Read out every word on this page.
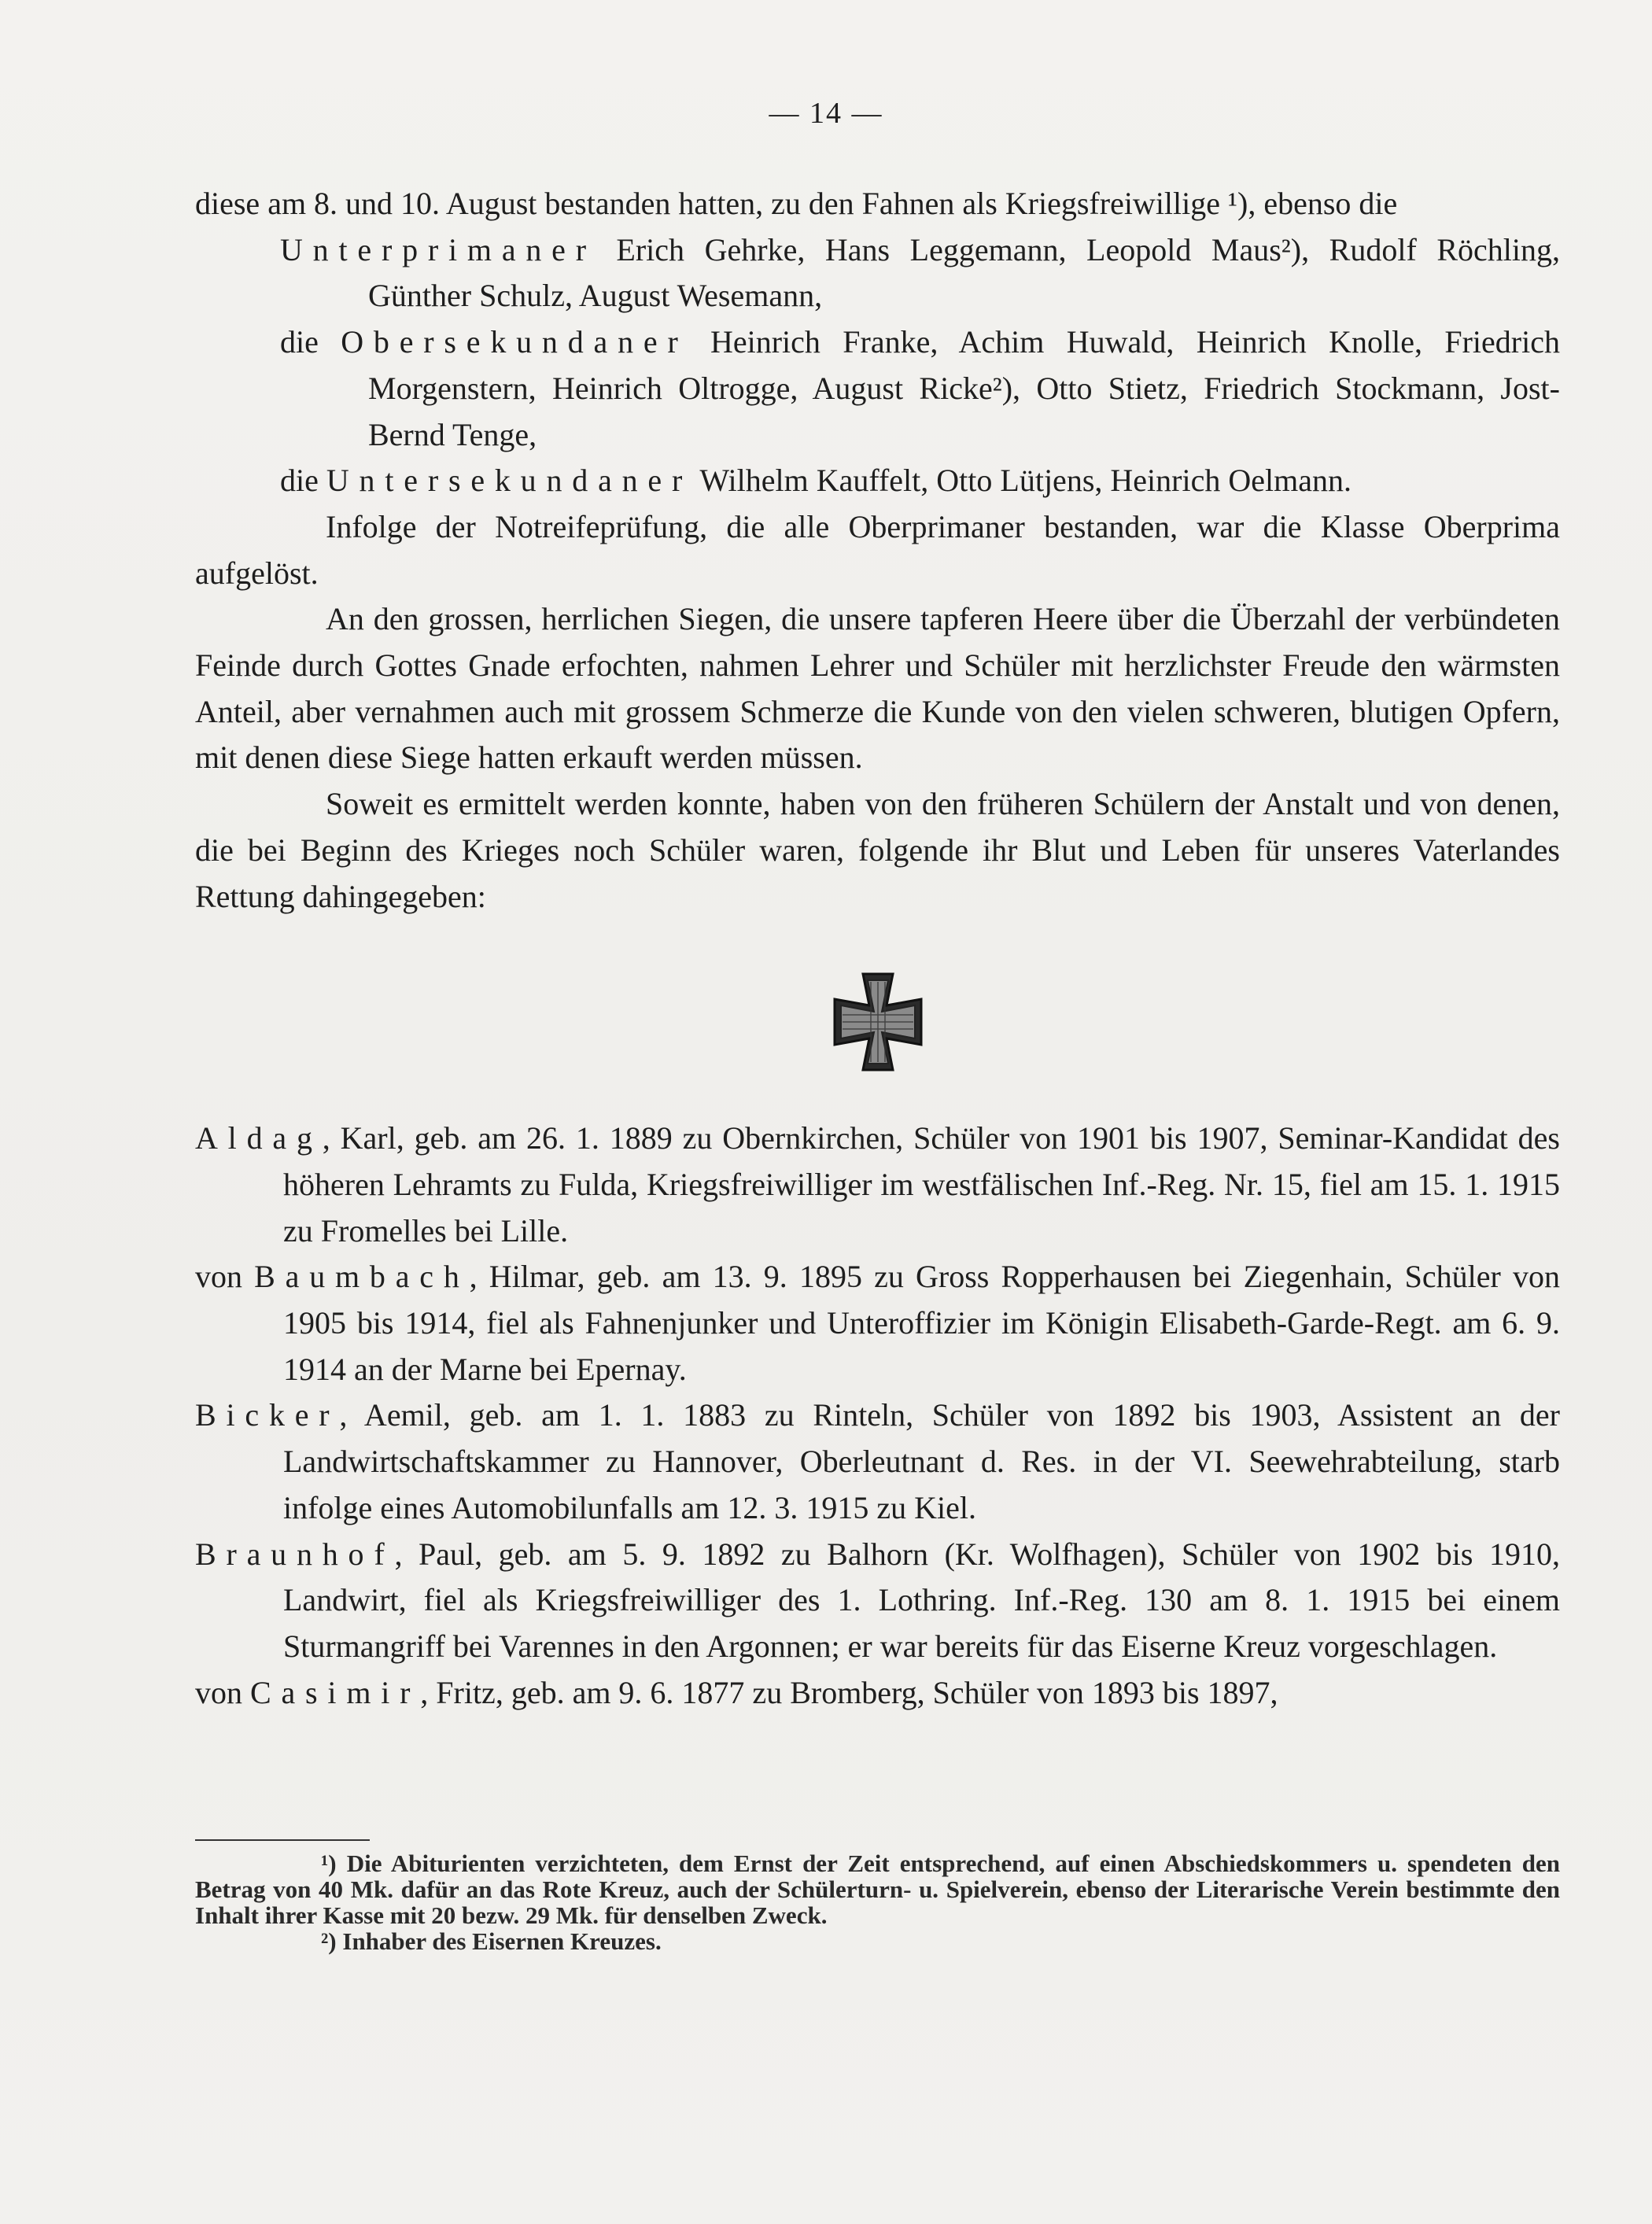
— 14 —

diese am 8. und 10. August bestanden hatten, zu den Fahnen als Kriegsfreiwillige ¹), ebenso die

Unterprimaner Erich Gehrke, Hans Leggemann, Leopold Maus²), Rudolf Röchling, Günther Schulz, August Wesemann,

die Obersekundaner Heinrich Franke, Achim Huwald, Heinrich Knolle, Friedrich Morgenstern, Heinrich Oltrogge, August Ricke²), Otto Stietz, Friedrich Stockmann, Jost-Bernd Tenge,

die Untersekundaner Wilhelm Kauffelt, Otto Lütjens, Heinrich Oelmann.

Infolge der Notreifeprüfung, die alle Oberprimaner bestanden, war die Klasse Oberprima aufgelöst.

An den grossen, herrlichen Siegen, die unsere tapferen Heere über die Überzahl der verbündeten Feinde durch Gottes Gnade erfochten, nahmen Lehrer und Schüler mit herzlichster Freude den wärmsten Anteil, aber vernahmen auch mit grossem Schmerze die Kunde von den vielen schweren, blutigen Opfern, mit denen diese Siege hatten erkauft werden müssen.

Soweit es ermittelt werden konnte, haben von den früheren Schülern der Anstalt und von denen, die bei Beginn des Krieges noch Schüler waren, folgende ihr Blut und Leben für unseres Vaterlandes Rettung dahingegeben:

Aldag, Karl, geb. am 26. 1. 1889 zu Obernkirchen, Schüler von 1901 bis 1907, Seminar-Kandidat des höheren Lehramts zu Fulda, Kriegsfreiwilliger im westfälischen Inf.-Reg. Nr. 15, fiel am 15. 1. 1915 zu Fromelles bei Lille.

von Baumbach, Hilmar, geb. am 13. 9. 1895 zu Gross Ropperhausen bei Ziegenhain, Schüler von 1905 bis 1914, fiel als Fahnenjunker und Unteroffizier im Königin Elisabeth-Garde-Regt. am 6. 9. 1914 an der Marne bei Epernay.

Bicker, Aemil, geb. am 1. 1. 1883 zu Rinteln, Schüler von 1892 bis 1903, Assistent an der Landwirtschaftskammer zu Hannover, Oberleutnant d. Res. in der VI. Seewehrabteilung, starb infolge eines Automobilunfalls am 12. 3. 1915 zu Kiel.

Braunhof, Paul, geb. am 5. 9. 1892 zu Balhorn (Kr. Wolfhagen), Schüler von 1902 bis 1910, Landwirt, fiel als Kriegsfreiwilliger des 1. Lothring. Inf.-Reg. 130 am 8. 1. 1915 bei einem Sturmangriff bei Varennes in den Argonnen; er war bereits für das Eiserne Kreuz vorgeschlagen.

von Casimir, Fritz, geb. am 9. 6. 1877 zu Bromberg, Schüler von 1893 bis 1897,

¹) Die Abiturienten verzichteten, dem Ernst der Zeit entsprechend, auf einen Abschiedskommers u. spendeten den Betrag von 40 Mk. dafür an das Rote Kreuz, auch der Schülerturn- u. Spielverein, ebenso der Literarische Verein bestimmte den Inhalt ihrer Kasse mit 20 bezw. 29 Mk. für denselben Zweck.

²) Inhaber des Eisernen Kreuzes.
